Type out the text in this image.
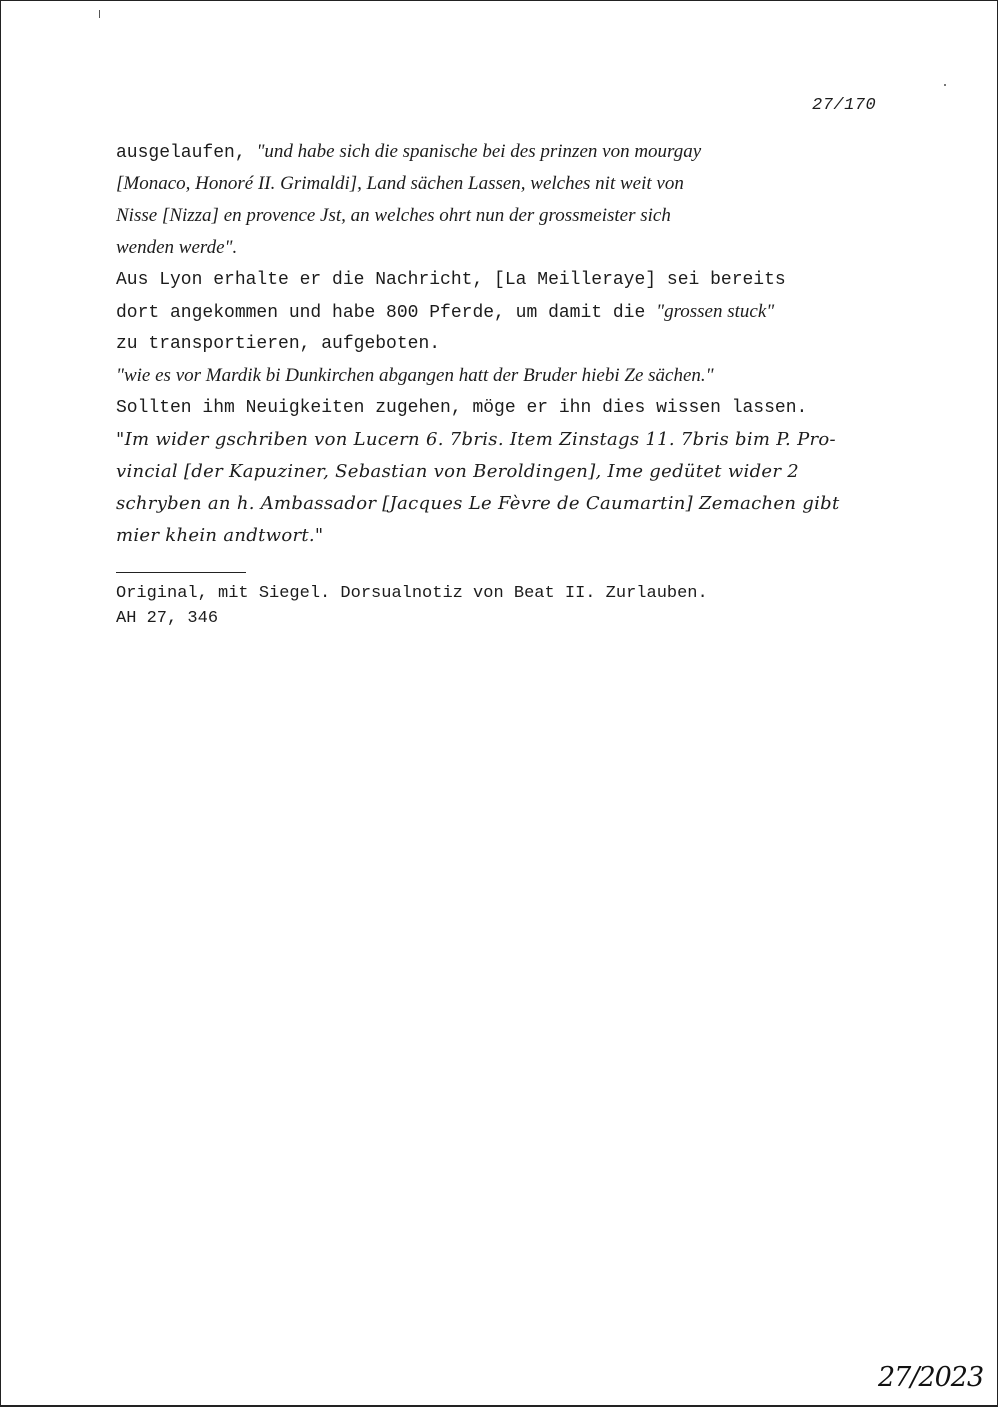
27/170
ausgelaufen, "und habe sich die spanische bei des prinzen von mourgay
[Monaco, Honoré II. Grimaldi], Land sächen Lassen, welches nit weit von
Nisse [Nizza] en provence Jst, an welches ohrt nun der grossmeister sich
wenden werde".
Aus Lyon erhalte er die Nachricht, [La Meilleraye] sei bereits
dort angekommen und habe 800 Pferde, um damit die "grossen stuck"
zu transportieren, aufgeboten.
"wie es vor Mardik bi Dunkirchen abgangen hatt der Bruder hiebi Ze sächen."
Sollten ihm Neuigkeiten zugehen, möge er ihn dies wissen lassen.
"Im wider gschriben von Lucern 6. 7bris. Item Zinstags 11. 7bris bim P. Pro-
vincial [der Kapuziner, Sebastian von Beroldingen], Ime gedütet wider 2
schryben an h. Ambassador [Jacques Le Fèvre de Caumartin] Zemachen gibt
mier khein andtwort."
Original, mit Siegel. Dorsualnotiz von Beat II. Zurlauben.
AH 27, 346
27/2023
